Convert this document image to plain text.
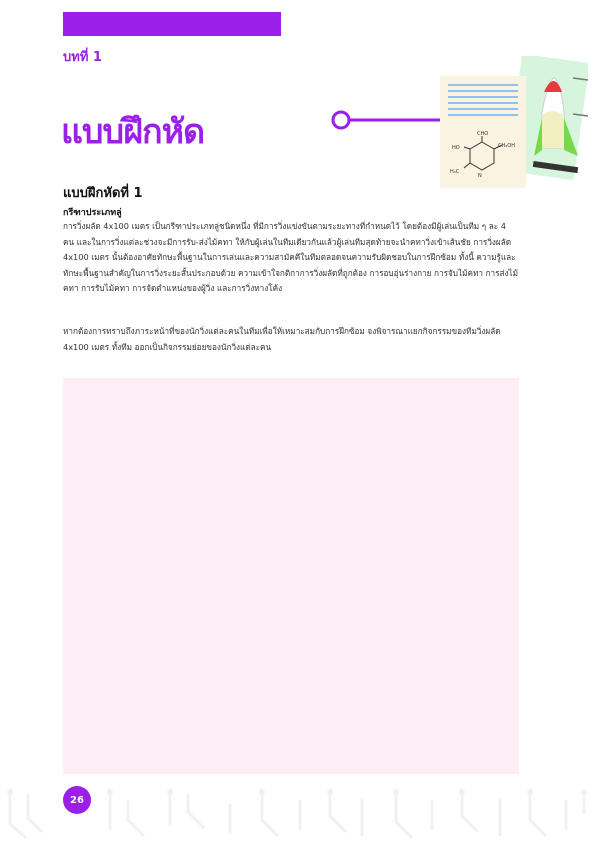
บทที่ 1
แบบฝึกหัด	CHO
HO	CH₂OH
H₃C
N
แบบฝึกหัดที่ 1
กรีฑาประเภทลู่

การวิ่งผลัด 4x100 เมตร เป็นกรีฑาประเภทลู่ชนิดหนึ่ง ที่มีการวิ่งแข่งขันตามระยะทางที่กำหนดไว้ โดยต้องมีผู้เล่นเป็นทีม ๆ ละ 4 คน และในการวิ่งแต่ละช่วงจะมีการรับ-ส่งไม้คทา ให้กับผู้เล่นในทีมเดียวกันแล้วผู้เล่นทีมสุดท้ายจะนำคทาวิ่งเข้าเส้นชัย การวิ่งผลัด 4x100 เมตร นั้นต้องอาศัยทักษะพื้นฐานในการเล่นและความสามัคคีในทีมตลอดจนความรับผิดชอบในการฝึกซ้อม ทั้งนี้ ความรู้และทักษะพื้นฐานสำคัญในการวิ่งระยะสั้นประกอบด้วย ความเข้าใจกติกาการวิ่งผลัดที่ถูกต้อง การอบอุ่นร่างกาย การจับไม้คทา การส่งไม้คทา การรับไม้คทา การจัดตำแหน่งของผู้วิ่ง และการวิ่งทางโค้ง

หากต้องการทราบถึงภาระหน้าที่ของนักวิ่งแต่ละคนในทีมเพื่อให้เหมาะสมกับการฝึกซ้อม จงพิจารณาแยกกิจกรรมของทีมวิ่งผลัด 4x100 เมตร ทั้งทีม ออกเป็นกิจกรรมย่อยของนักวิ่งแต่ละคน

26
